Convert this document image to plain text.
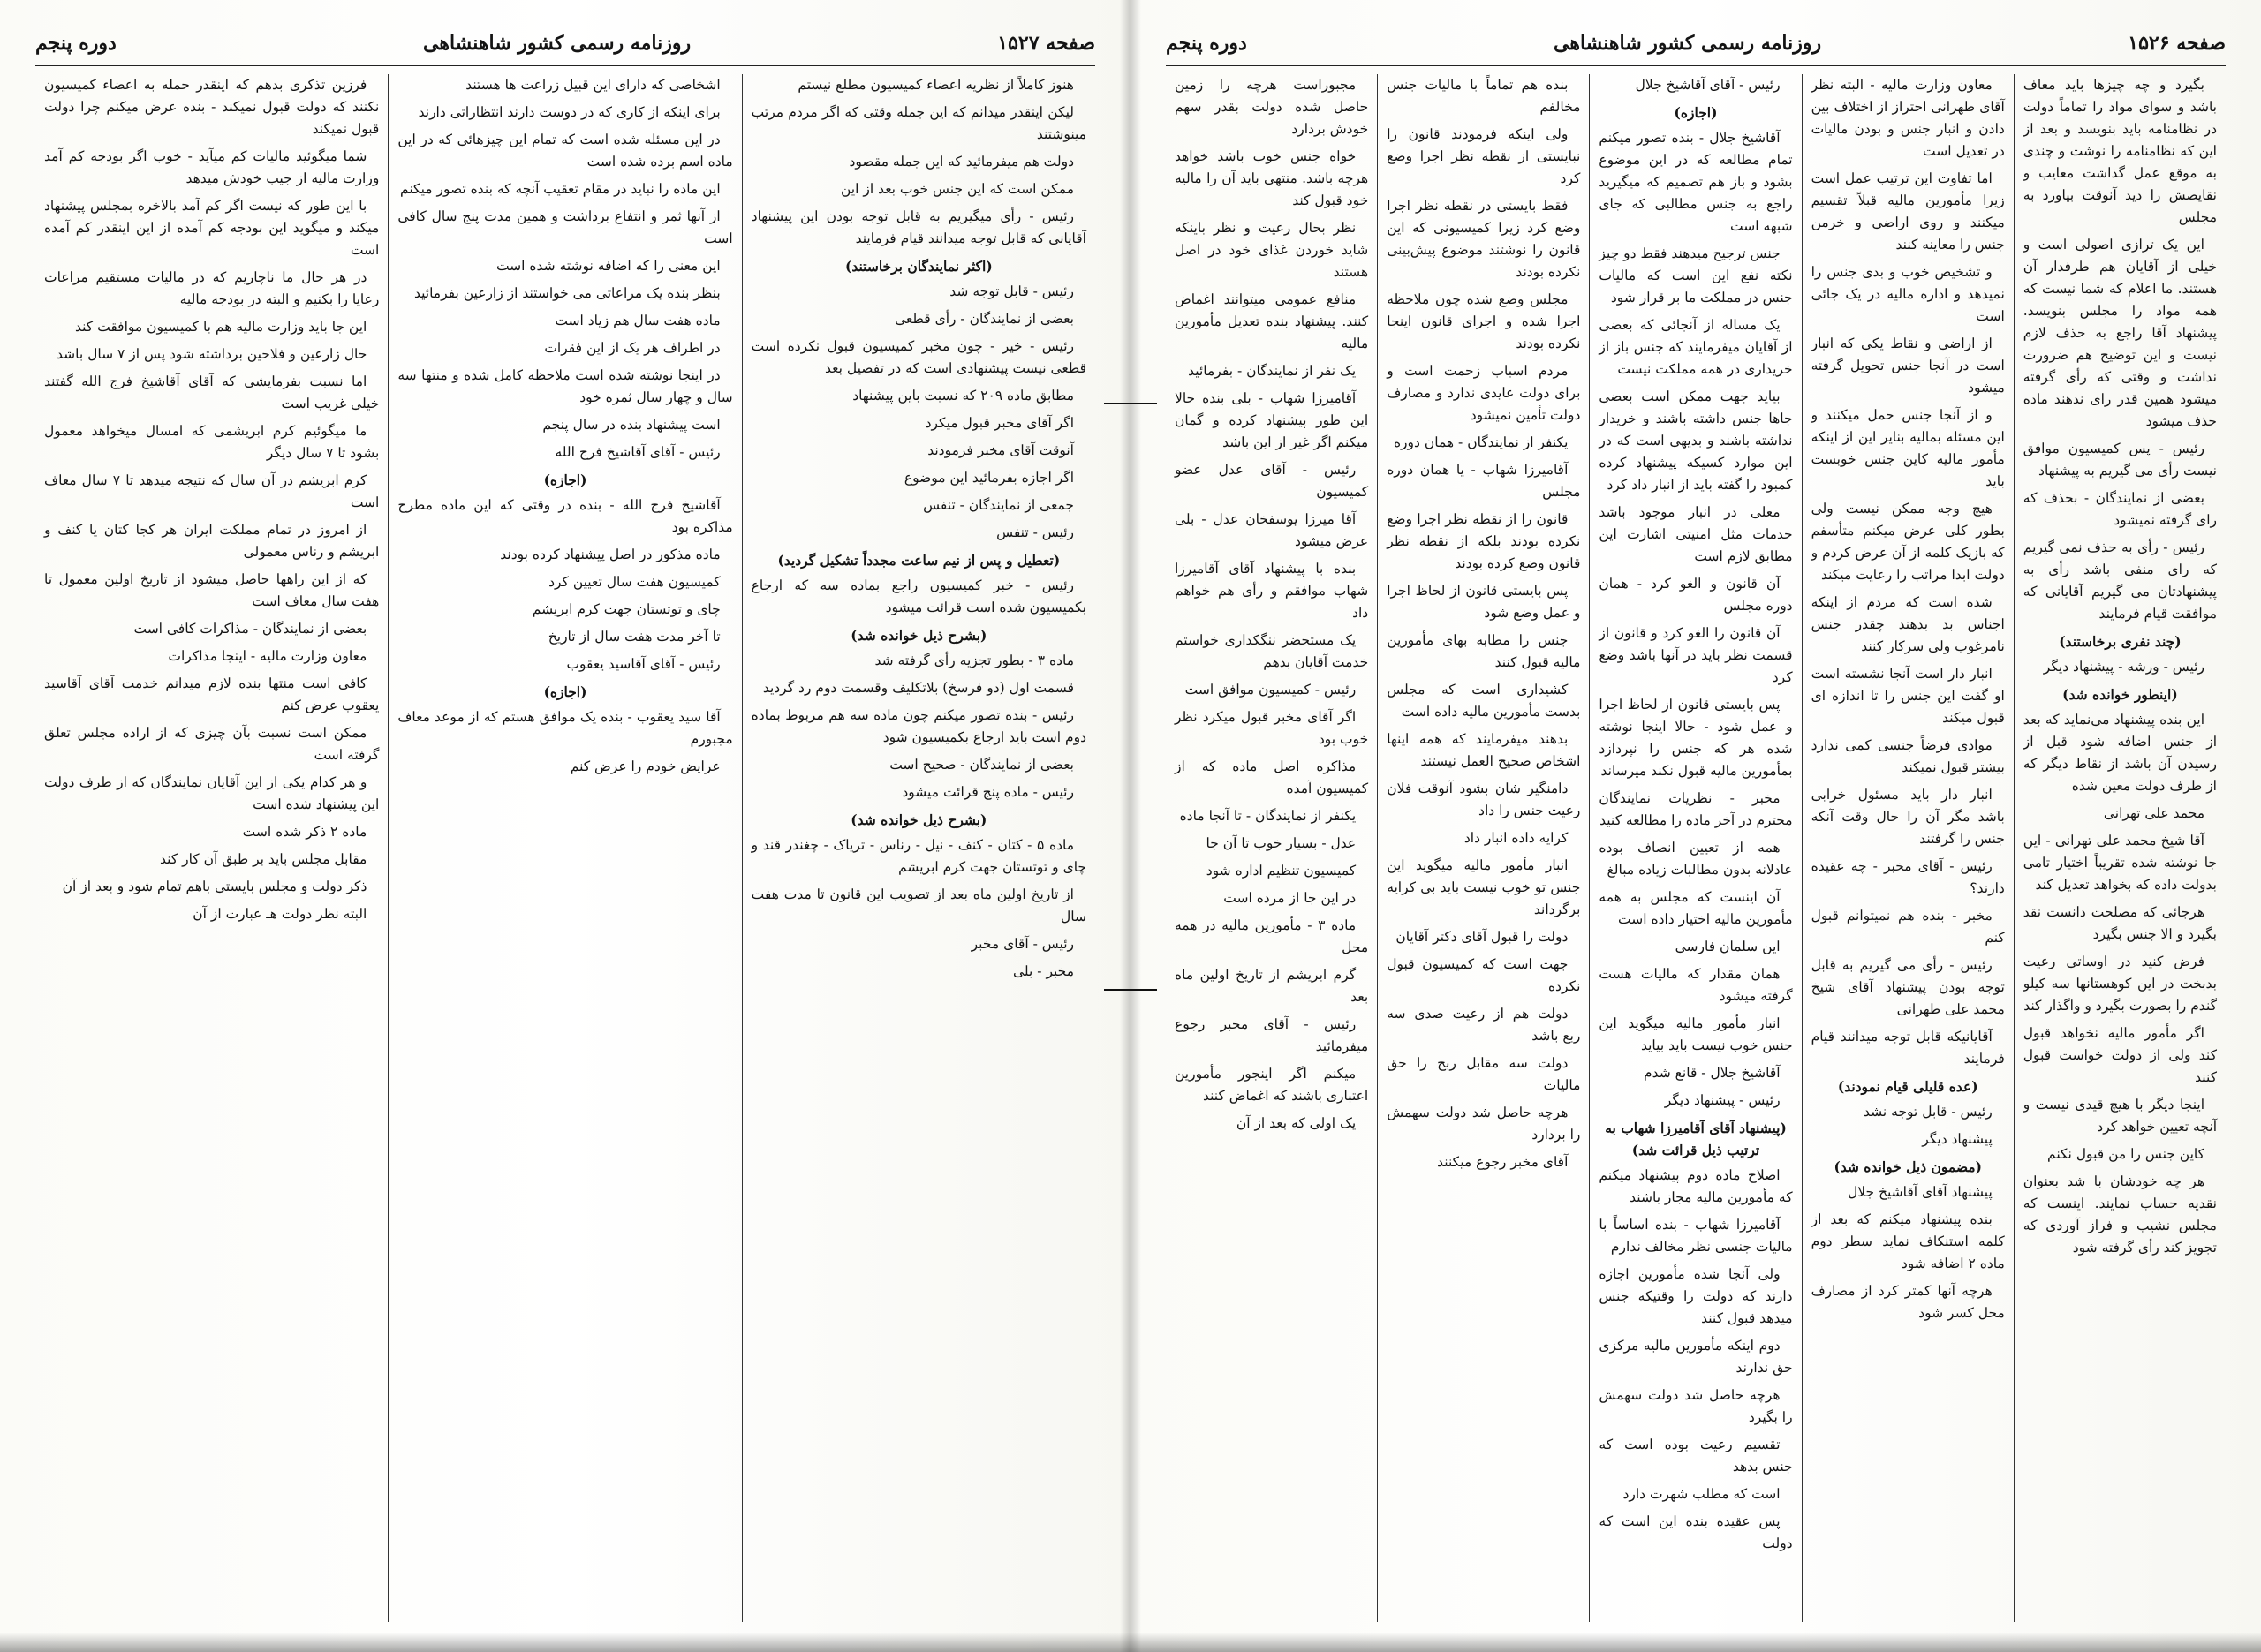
صفحه ۱۵۲۶
روزنامه رسمی کشور شاهنشاهی
دوره پنجم

بگیرد و چه چیزها باید معاف باشد و سوای مواد را تماماً دولت در نظامنامه باید بنویسد و بعد از این که نظامنامه را نوشت و چندی به موقع عمل گذاشت معایب و نقایصش را دید آنوقت بیاورد به مجلس

این یک ترازی اصولی است و خیلی از آقایان هم طرفدار آن هستند. ما اعلام که شما نیست که همه مواد را مجلس بنویسد. پیشنهاد آقا راجع به حذف لازم نیست و این توضیح هم ضرورت نداشت و وقتی که رأی گرفته میشود همین قدر رای ندهند ماده حذف میشود

رئیس - پس کمیسیون موافق نیست رأی می گیریم به پیشنهاد

بعضی از نمایندگان - بحذف که رای گرفته نمیشود

رئیس - رأی به حذف نمی گیریم که رای منفی باشد رأی به پیشنهادتان می گیریم آقایانی که موافقت قیام فرمایند

(چند نفری برخاستند)

رئیس - ورشه - پیشنهاد دیگر

(اینطور خوانده شد)

این بنده پیشنهاد می‌نماید که بعد از جنس اضافه شود قبل از رسیدن آن باشد از نقاط دیگر که از طرف دولت معین شده

محمد علی تهرانی

آقا شیخ محمد علی تهرانی - این جا نوشته شده تقریباً اختیار تامی بدولت داده که بخواهد تعدیل کند

هرجائی که مصلحت دانست نقد بگیرد و الا جنس بگیرد

فرض کنید در اوساتی رعیت بدبخت در این کوهستانها سه کیلو گندم را بصورت بگیرد و واگذار کند

اگر مأمور مالیه نخواهد قبول کند ولی از دولت خواست قبول کنند

اینجا دیگر با هیچ قیدی نیست و آنچه تعیین خواهد کرد

کاین جنس را من قبول نکنم

هر چه خودشان با شد بعنوان نقدیه حساب نمایند. اینست که مجلس نشیب و فراز آوردی که تجویز کند رأی گرفته شود

معاون وزارت مالیه - البته نظر آقای طهرانی احتراز از اختلاف بین دادن و انبار جنس و بودن مالیات در تعدیل است

اما تفاوت این ترتیب عمل است زیرا مأمورین مالیه قبلاً تقسیم میکنند و روی اراضی و خرمن جنس را معاینه کنند

و تشخیص خوب و بدی جنس را نمیدهد و اداره مالیه در یک جائی است

از اراضی و نقاط یکی که انبار است در آنجا جنس تحویل گرفته میشود

و از آنجا جنس حمل میکنند و این مسئله بمالیه بنایر این از اینکه مأمور مالیه کاین جنس خوبست باید

هیچ وجه ممکن نیست ولی بطور کلی عرض میکنم متأسفم که بازیک کلمه از آن عرض کردم و دولت ابدا مراتب را رعایت میکند

شده است که مردم از اینکه اجناس بد بدهند چقدر جنس نامرغوب ولی سرکار کنند

انبار دار است آنجا نشسته است او گفت این جنس را تا اندازه ای قبول میکند

موادی فرضاً جنسی کمی ندارد بیشتر قبول نمیکند

انبار دار باید مسئول خرابی باشد مگر آن را حال وقت آنکه جنس را گرفتند

رئیس - آقای مخبر - چه عقیده دارند؟

مخبر - بنده هم نمیتوانم قبول کنم

رئیس - رأی می گیریم به قابل توجه بودن پیشنهاد آقای شیخ محمد علی طهرانی

آقایانیکه قابل توجه میدانند قیام فرمایند

(عده قلیلی قیام نمودند)

رئیس - قابل توجه نشد

پیشنهاد دیگر

(مضمون ذیل خوانده شد)

پیشنهاد آقای آقاشیخ جلال

بنده پیشنهاد میکنم که بعد از کلمه استنکاف نماید سطر دوم ماده ۲ اضافه شود

هرچه آنها کمتر کرد از مصارف محل کسر شود

رئیس - آقای آقاشیخ جلال

(اجازه)

آقاشیخ جلال - بنده تصور میکنم تمام مطالعه که در این موضوع بشود و باز هم تصمیم که میگیرید راجع به جنس مطالبی که جای شبهه است

جنس ترجیح میدهند فقط دو چیز نکته نفع این است که مالیات جنس در مملکت ما بر قرار شود

یک مساله از آنجائی که بعضی از آقایان میفرمایند که جنس باز از خریداری در همه مملکت نیست

بیاید جهت ممکن است بعضی جاها جنس داشته باشند و خریدار نداشته باشند و بدیهی است که در این موارد کسیکه پیشنهاد کرده کمبود را گفته باید از انبار داد کرد

معلی در انبار موجود باشد خدمات مثل امنیتی اشارت این مطابق لازم است

آن قانون و الغو کرد - همان دوره مجلس

آن قانون را الغو کرد و قانون از قسمت نظر باید در آنها باشد وضع کرد

پس بایستی قانون از لحاظ اجرا و عمل شود - حالا اینجا نوشته شده هر که جنس را نپردازد بمأمورین مالیه قبول نکند میرساند

مخبر - نظریات نمایندگان محترم در آخر ماده را مطالعه کنید

همه از تعیین انصاف بوده عادلانه بدون مطالبات زیاده مبالغ

آن اینست که مجلس به همه مأمورین مالیه اختیار داده است

این سلمان فارسی

همان مقدار که مالیات هست گرفته میشود

انبار مأمور مالیه میگوید این جنس خوب نیست باید بیاید

آقاشیخ جلال - قانع شدم

رئیس - پیشنهاد دیگر

(پیشنهاد آقای آقامیرزا شهاب به ترتیب ذیل قرائت شد)

اصلاح ماده دوم پیشنهاد میکنم که مأمورین مالیه مجاز باشند

آقامیرزا شهاب - بنده اساساً با مالیات جنسی نظر مخالف ندارم

ولی آنجا شده مأمورین اجازه دارند که دولت را وقتیکه جنس میدهد قبول کنند

دوم اینکه مأمورین مالیه مرکزی حق ندارند

هرچه حاصل شد دولت سهمش را بگیرد

تقسیم رعیت بوده است که جنس بدهد

است که مطلب شهرت دارد

پس عقیده بنده این است که دولت

بنده هم تماماً با مالیات جنس مخالفم

ولی اینکه فرمودند قانون را نبایستی از نقطه نظر اجرا وضع کرد

فقط بایستی در نقطه نظر اجرا وضع کرد زیرا کمیسیونی که این قانون را نوشتند موضوع پیش‌بینی نکرده بودند

مجلس وضع شده چون ملاحظه اجرا شده و اجرای قانون اینجا نکرده بودند

مردم اسباب زحمت است و برای دولت عایدی ندارد و مصارف دولت تأمین نمیشود

یکنفر از نمایندگان - همان دوره

آقامیرزا شهاب - یا همان دوره مجلس

قانون را از نقطه نظر اجرا وضع نکرده بودند بلکه از نقطه نظر قانون وضع کرده بودند

پس بایستی قانون از لحاظ اجرا و عمل وضع شود

جنس را مطابه بهای مأمورین مالیه قبول کنند

کشیداری است که مجلس بدست مأمورین مالیه داده است

بدهند میفرمایند که همه اینها اشخاص صحیح العمل نیستند

دامنگیر شان بشود آنوقت فلان رعیت جنس را داد

کرایه داده انبار داد

انبار مأمور مالیه میگوید این جنس تو خوب نیست باید بی کرایه برگرداند

دولت را قبول آقای دکتر آقایان

جهت است که کمیسیون قبول نکرده

دولت هم از رعیت صدی سه ربع باشد

دولت سه مقابل ربح را حق مالیات

هرچه حاصل شد دولت سهمش را بردارد

آقای مخبر رجوع میکنند

مجبوراست هرچه را زمین حاصل شده دولت بقدر سهم خودش بردارد

خواه جنس خوب باشد خواهد هرچه باشد. منتهی باید آن را مالیه خود قبول کند

نظر بحال رعیت و نظر باینکه شاید خوردن غذای خود در اصل هستند

منافع عمومی میتوانند اغماض کنند. پیشنهاد بنده تعدیل مأمورین مالیه

یک نفر از نمایندگان - بفرمائید

آقامیرزا شهاب - بلی بنده حالا این طور پیشنهاد کرده و گمان میکنم اگر غیر از این باشد

رئیس - آقای عدل عضو کمیسیون

آقا میرزا یوسفخان عدل - بلی عرض میشود

بنده با پیشنهاد آقای آقامیرزا شهاب موافقم و رأی هم خواهم داد

یک مستحضر ننگکداری خواستم خدمت آقایان بدهم

رئیس - کمیسیون موافق است

اگر آقای مخبر قبول میکرد نظر خوب بود

مذاکره اصل ماده که از کمیسیون آمده

یکنفر از نمایندگان - تا آنجا ماده

عدل - بسیار خوب تا آن جا

کمیسیون تنظیم اداره شود

در این جا از مرده است

ماده ۳ - مأمورین مالیه در همه محل

گرم ابریشم از تاریخ اولین ماه بعد

رئیس - آقای مخبر رجوع میفرمائید

میکنم اگر اینجور مأمورین اعتباری باشند که اغماض کنند

یک اولی که بعد از آن

صفحه ۱۵۲۷
روزنامه رسمی کشور شاهنشاهی
دوره پنجم

هنوز کاملاً از نظریه اعضاء کمیسیون مطلع نیستم

لیکن اینقدر میدانم که این جمله وقتی که اگر مردم مرتب مینوشتند

دولت هم میفرمائید که این جمله مقصود

ممکن است که این جنس خوب بعد از این

رئیس - رأی میگیریم به قابل توجه بودن این پیشنهاد آقایانی که قابل توجه میدانند قیام فرمایند

(اکثر نمایندگان برخاستند)

رئیس - قابل توجه شد

بعضی از نمایندگان - رأی قطعی

رئیس - خیر - چون مخبر کمیسیون قبول نکرده است قطعی نیست پیشنهادی است که در تفصیل بعد

مطابق ماده ۲۰۹ که نسبت باین پیشنهاد

اگر آقای مخبر قبول میکرد

آنوقت آقای مخبر فرمودند

اگر اجازه بفرمائید این موضوع

جمعی از نمایندگان - تنفس

رئیس - تنفس

(تعطیل و پس از نیم ساعت مجدداً تشکیل گردید)

رئیس - خبر کمیسیون راجع بماده سه که ارجاع بکمیسیون شده است قرائت میشود

(بشرح ذیل خوانده شد)

ماده ۳ - بطور تجزیه رأی گرفته شد

قسمت اول (دو فرسخ) بلاتکلیف وقسمت دوم رد گردید

رئیس - بنده تصور میکنم چون ماده سه هم مربوط بماده دوم است باید ارجاع بکمیسیون شود

بعضی از نمایندگان - صحیح است

رئیس - ماده پنج قرائت میشود

(بشرح ذیل خوانده شد)

ماده ۵ - کتان - کنف - نیل - رناس - تریاک - چغندر قند و چای و توتستان جهت کرم ابریشم

از تاریخ اولین ماه بعد از تصویب این قانون تا مدت هفت سال

رئیس - آقای مخبر

مخبر - بلی

اشخاصی که دارای این قبیل زراعت ها هستند

برای اینکه از کاری که در دوست دارند انتظاراتی دارند

در این مسئله شده است که تمام این چیزهائی که در این ماده اسم برده شده است

این ماده را نباید در مقام تعقیب آنچه که بنده تصور میکنم

از آنها ثمر و انتفاع برداشت و همین مدت پنج سال کافی است

این معنی را که اضافه نوشته شده است

بنظر بنده یک مراعاتی می خواستند از زارعین بفرمائید

ماده هفت سال هم زیاد است

در اطراف هر یک از این فقرات

در اینجا نوشته شده است ملاحظه کامل شده و منتها سه سال و چهار سال ثمره خود

است پیشنهاد بنده در سال پنجم

رئیس - آقای آقاشیخ فرج الله

(اجازه)

آقاشیخ فرج الله - بنده در وقتی که این ماده مطرح مذاکره بود

ماده مذکور در اصل پیشنهاد کرده بودند

کمیسیون هفت سال تعیین کرد

چای و توتستان جهت کرم ابریشم

تا آخر مدت هفت سال از تاریخ

رئیس - آقای آقاسید یعقوب

(اجازه)

آقا سید یعقوب - بنده یک موافق هستم که از موعد معاف مجبورم

عرایض خودم را عرض کنم

فرزین تذکری بدهم که اینقدر حمله به اعضاء کمیسیون نکنند که دولت قبول نمیکند - بنده عرض میکنم چرا دولت قبول نمیکند

شما میگوئید مالیات کم میآید - خوب اگر بودجه کم آمد وزارت مالیه از جیب خودش میدهد

با این طور که نیست اگر کم آمد بالاخره بمجلس پیشنهاد میکند و میگوید این بودجه کم آمده از این اینقدر کم آمده است

در هر حال ما ناچاریم که در مالیات مستقیم مراعات رعایا را بکنیم و البته در بودجه مالیه

این جا باید وزارت مالیه هم با کمیسیون موافقت کند

حال زارعین و فلاحین برداشته شود پس از ۷ سال باشد

اما نسبت بفرمایشی که آقای آقاشیخ فرج الله گفتند خیلی غریب است

ما میگوئیم کرم ابریشمی که امسال میخواهد معمول بشود تا ۷ سال دیگر

کرم ابریشم در آن سال که نتیجه میدهد تا ۷ سال معاف است

از امروز در تمام مملکت ایران هر کجا کتان یا کنف و ابریشم و رناس معمولی

که از این راهها حاصل میشود از تاریخ اولین معمول تا هفت سال معاف است

بعضی از نمایندگان - مذاکرات کافی است

معاون وزارت مالیه - اینجا مذاکرات

کافی است منتها بنده لازم میدانم خدمت آقای آقاسید یعقوب عرض کنم

ممکن است نسبت بآن چیزی که از اراده مجلس تعلق گرفته است

و هر کدام یکی از این آقایان نمایندگان که از طرف دولت این پیشنهاد شده است

ماده ۲ ذکر شده است

مقابل مجلس باید بر طبق آن کار کند

ذکر دولت و مجلس بایستی باهم تمام شود و بعد از آن

البته نظر دولت هـ عبارت از آن
